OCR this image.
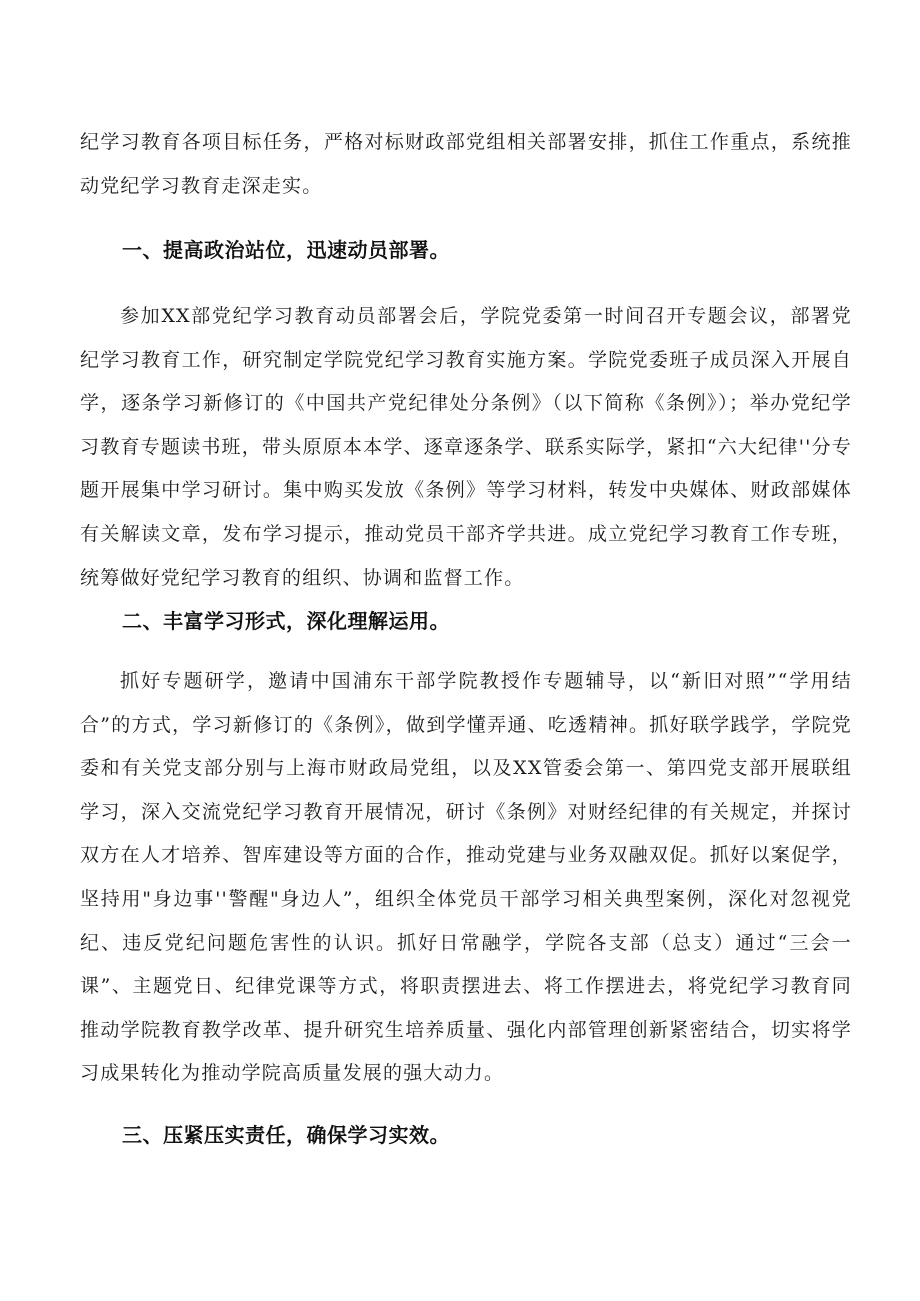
纪学习教育各项目标任务，严格对标财政部党组相关部署安排，抓住工作重点，系统推动党纪学习教育走深走实。

一、提高政治站位，迅速动员部署。

参加XX部党纪学习教育动员部署会后，学院党委第一时间召开专题会议，部署党纪学习教育工作，研究制定学院党纪学习教育实施方案。学院党委班子成员深入开展自学，逐条学习新修订的《中国共产党纪律处分条例》（以下简称《条例》）；举办党纪学习教育专题读书班，带头原原本本学、逐章逐条学、联系实际学，紧扣“六大纪律''分专题开展集中学习研讨。集中购买发放《条例》等学习材料，转发中央媒体、财政部媒体有关解读文章，发布学习提示，推动党员干部齐学共进。成立党纪学习教育工作专班，统筹做好党纪学习教育的组织、协调和监督工作。

二、丰富学习形式，深化理解运用。

抓好专题研学，邀请中国浦东干部学院教授作专题辅导，以“新旧对照”“学用结合”的方式，学习新修订的《条例》，做到学懂弄通、吃透精神。抓好联学践学，学院党委和有关党支部分别与上海市财政局党组，以及XX管委会第一、第四党支部开展联组学习，深入交流党纪学习教育开展情况，研讨《条例》对财经纪律的有关规定，并探讨双方在人才培养、智库建设等方面的合作，推动党建与业务双融双促。抓好以案促学，坚持用"身边事''警醒"身边人”，组织全体党员干部学习相关典型案例，深化对忽视党纪、违反党纪问题危害性的认识。抓好日常融学，学院各支部（总支）通过“三会一课”、主题党日、纪律党课等方式，将职责摆进去、将工作摆进去，将党纪学习教育同推动学院教育教学改革、提升研究生培养质量、强化内部管理创新紧密结合，切实将学习成果转化为推动学院高质量发展的强大动力。

三、压紧压实责任，确保学习实效。
